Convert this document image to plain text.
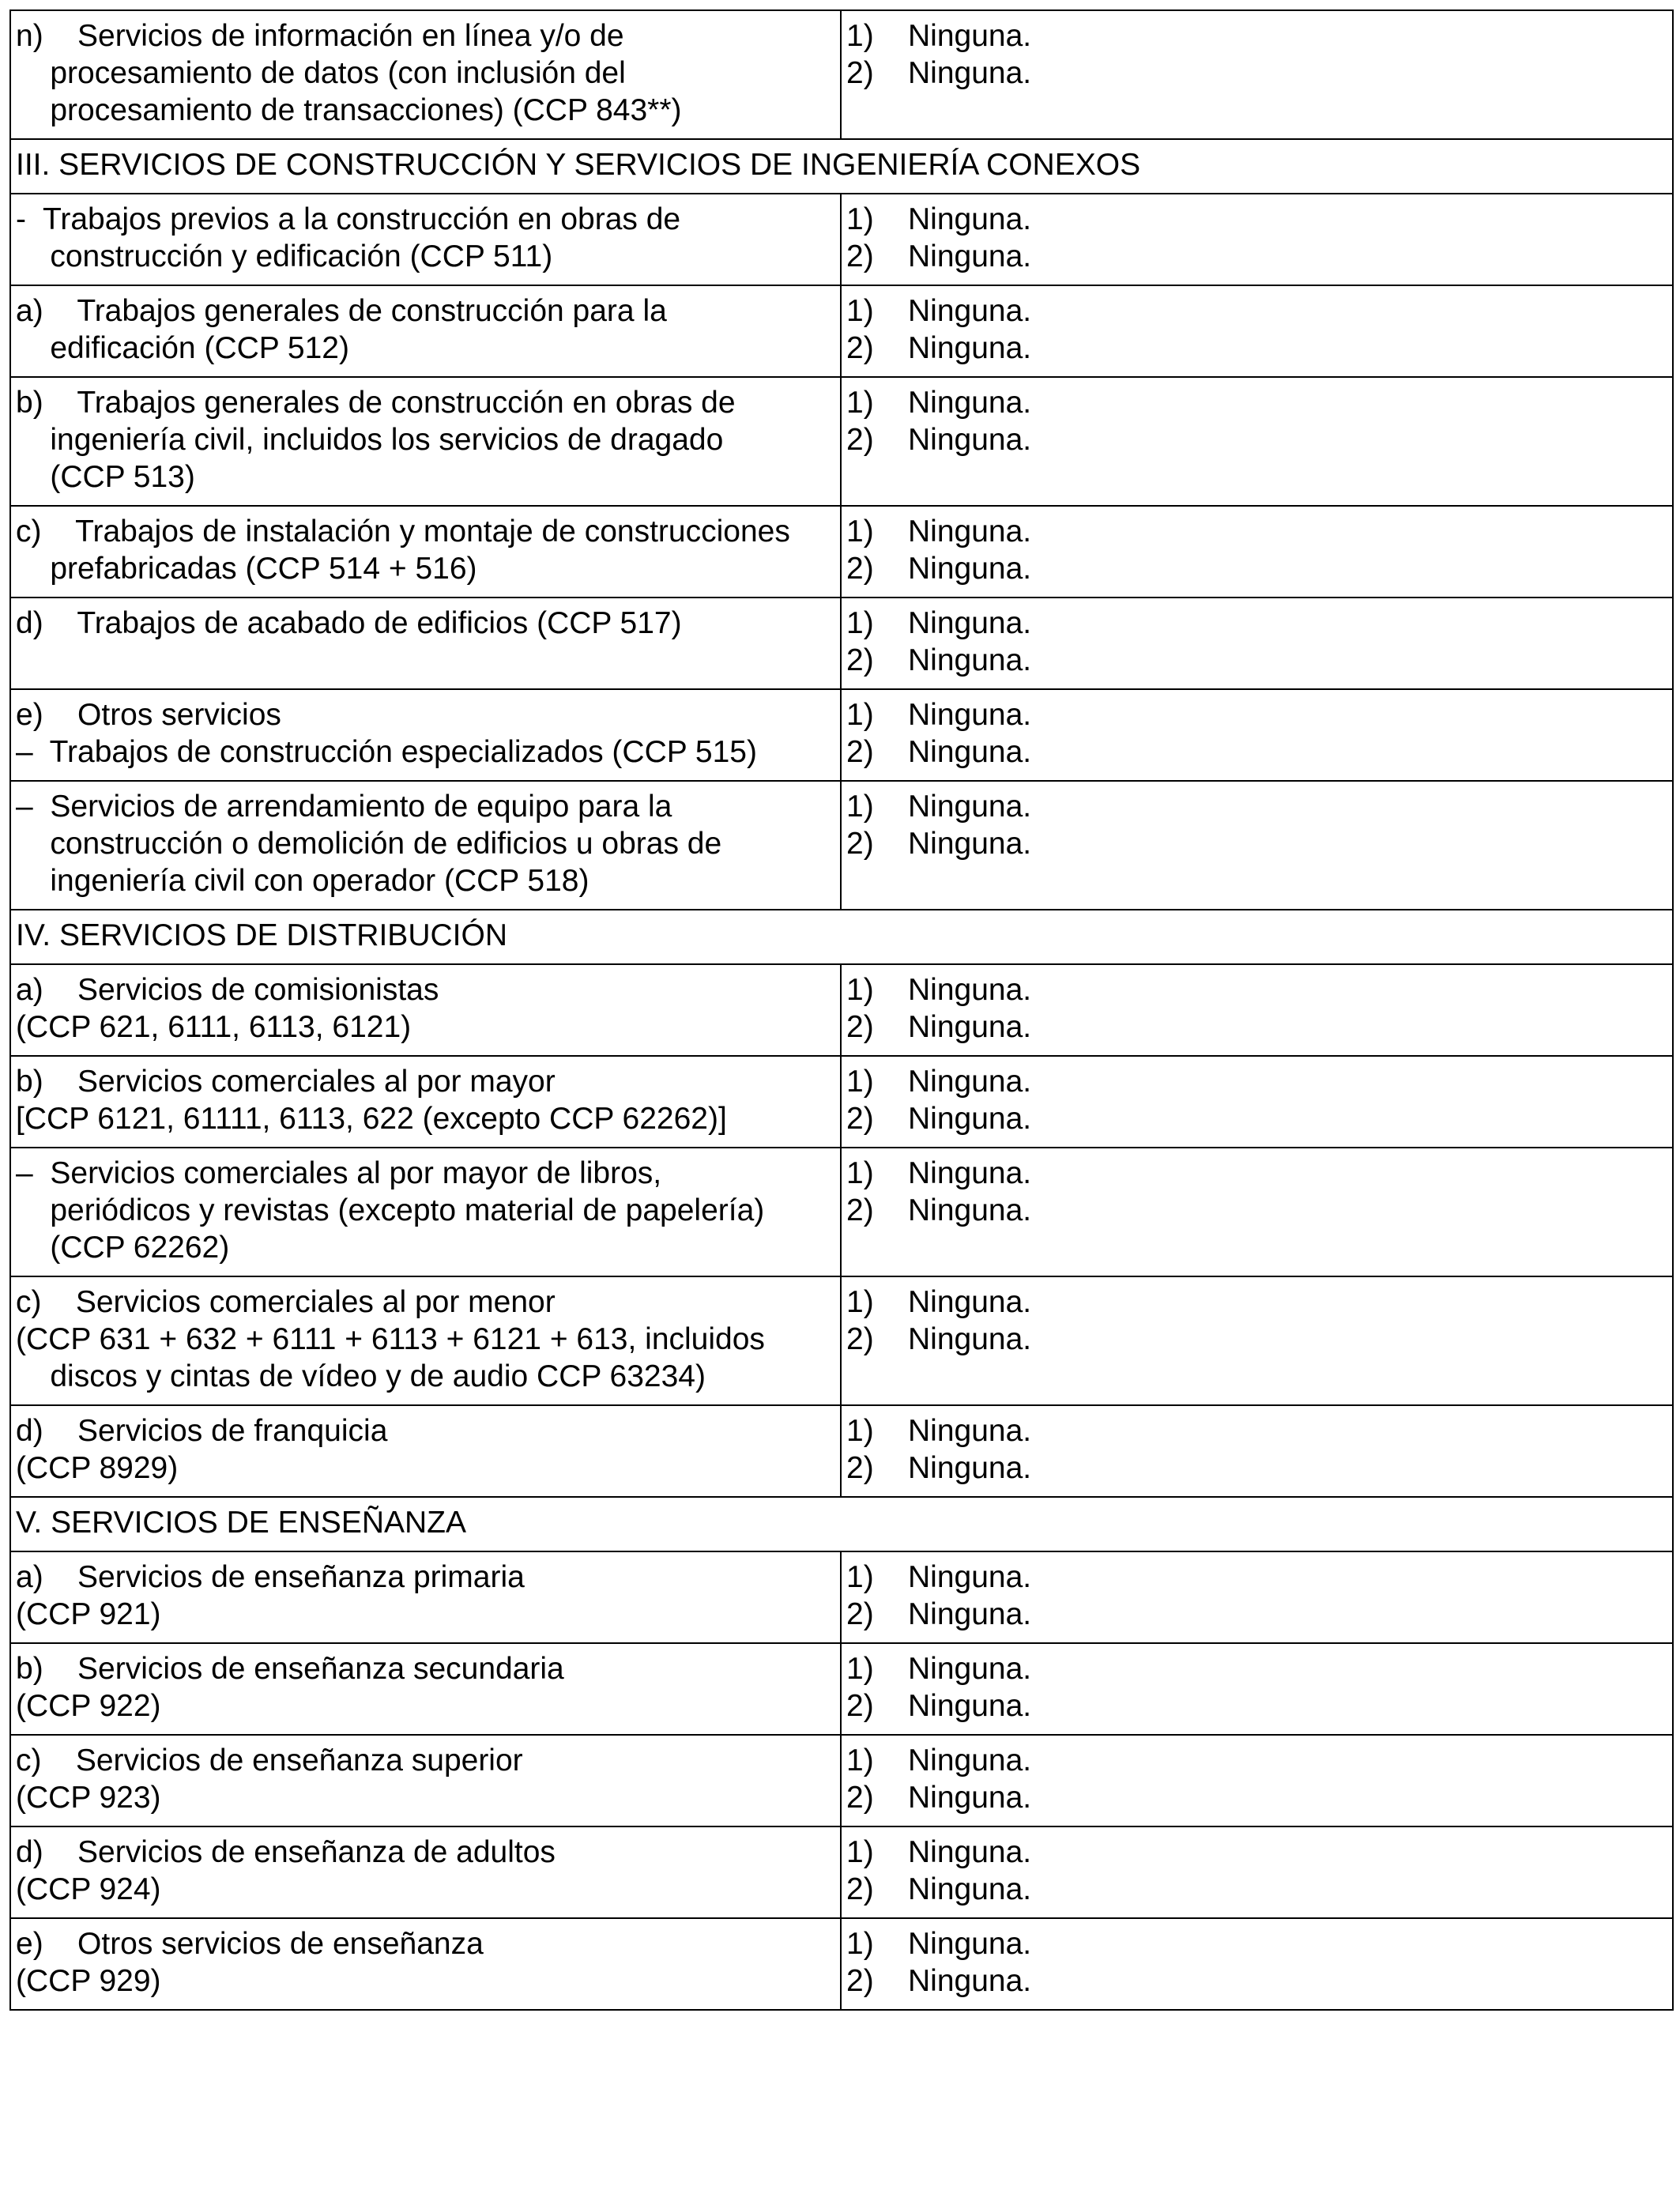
n)    Servicios de información en línea y/o de
procesamiento de datos (con inclusión del
procesamiento de transacciones) (CCP 843**)	1)    Ninguna.
2)    Ninguna.

III. SERVICIOS DE CONSTRUCCIÓN Y SERVICIOS DE INGENIERÍA CONEXOS	

-  Trabajos previos a la construcción en obras de
construcción y edificación (CCP 511)	1)    Ninguna.
2)    Ninguna.

a)    Trabajos generales de construcción para la
edificación (CCP 512)	1)    Ninguna.
2)    Ninguna.

b)    Trabajos generales de construcción en obras de
ingeniería civil, incluidos los servicios de dragado
(CCP 513)	1)    Ninguna.
2)    Ninguna.

c)    Trabajos de instalación y montaje de construcciones
prefabricadas (CCP 514 + 516)	1)    Ninguna.
2)    Ninguna.

d)    Trabajos de acabado de edificios (CCP 517)	1)    Ninguna.
2)    Ninguna.

e)    Otros servicios
–  Trabajos de construcción especializados (CCP 515)	1)    Ninguna.
2)    Ninguna.

–  Servicios de arrendamiento de equipo para la
construcción o demolición de edificios u obras de
ingeniería civil con operador (CCP 518)	1)    Ninguna.
2)    Ninguna.

IV. SERVICIOS DE DISTRIBUCIÓN	

a)    Servicios de comisionistas
(CCP 621, 6111, 6113, 6121)	1)    Ninguna.
2)    Ninguna.

b)    Servicios comerciales al por mayor
[CCP 6121, 61111, 6113, 622 (excepto CCP 62262)]	1)    Ninguna.
2)    Ninguna.

–  Servicios comerciales al por mayor de libros,
periódicos y revistas (excepto material de papelería)
(CCP 62262)	1)    Ninguna.
2)    Ninguna.

c)    Servicios comerciales al por menor
(CCP 631 + 632 + 6111 + 6113 + 6121 + 613, incluidos
discos y cintas de vídeo y de audio CCP 63234)	1)    Ninguna.
2)    Ninguna.

d)    Servicios de franquicia
(CCP 8929)	1)    Ninguna.
2)    Ninguna.

V. SERVICIOS DE ENSEÑANZA	

a)    Servicios de enseñanza primaria
(CCP 921)	1)    Ninguna.
2)    Ninguna.

b)    Servicios de enseñanza secundaria
(CCP 922)	1)    Ninguna.
2)    Ninguna.

c)    Servicios de enseñanza superior
(CCP 923)	1)    Ninguna.
2)    Ninguna.

d)    Servicios de enseñanza de adultos
(CCP 924)	1)    Ninguna.
2)    Ninguna.

e)    Otros servicios de enseñanza
(CCP 929)	1)    Ninguna.
2)    Ninguna.
